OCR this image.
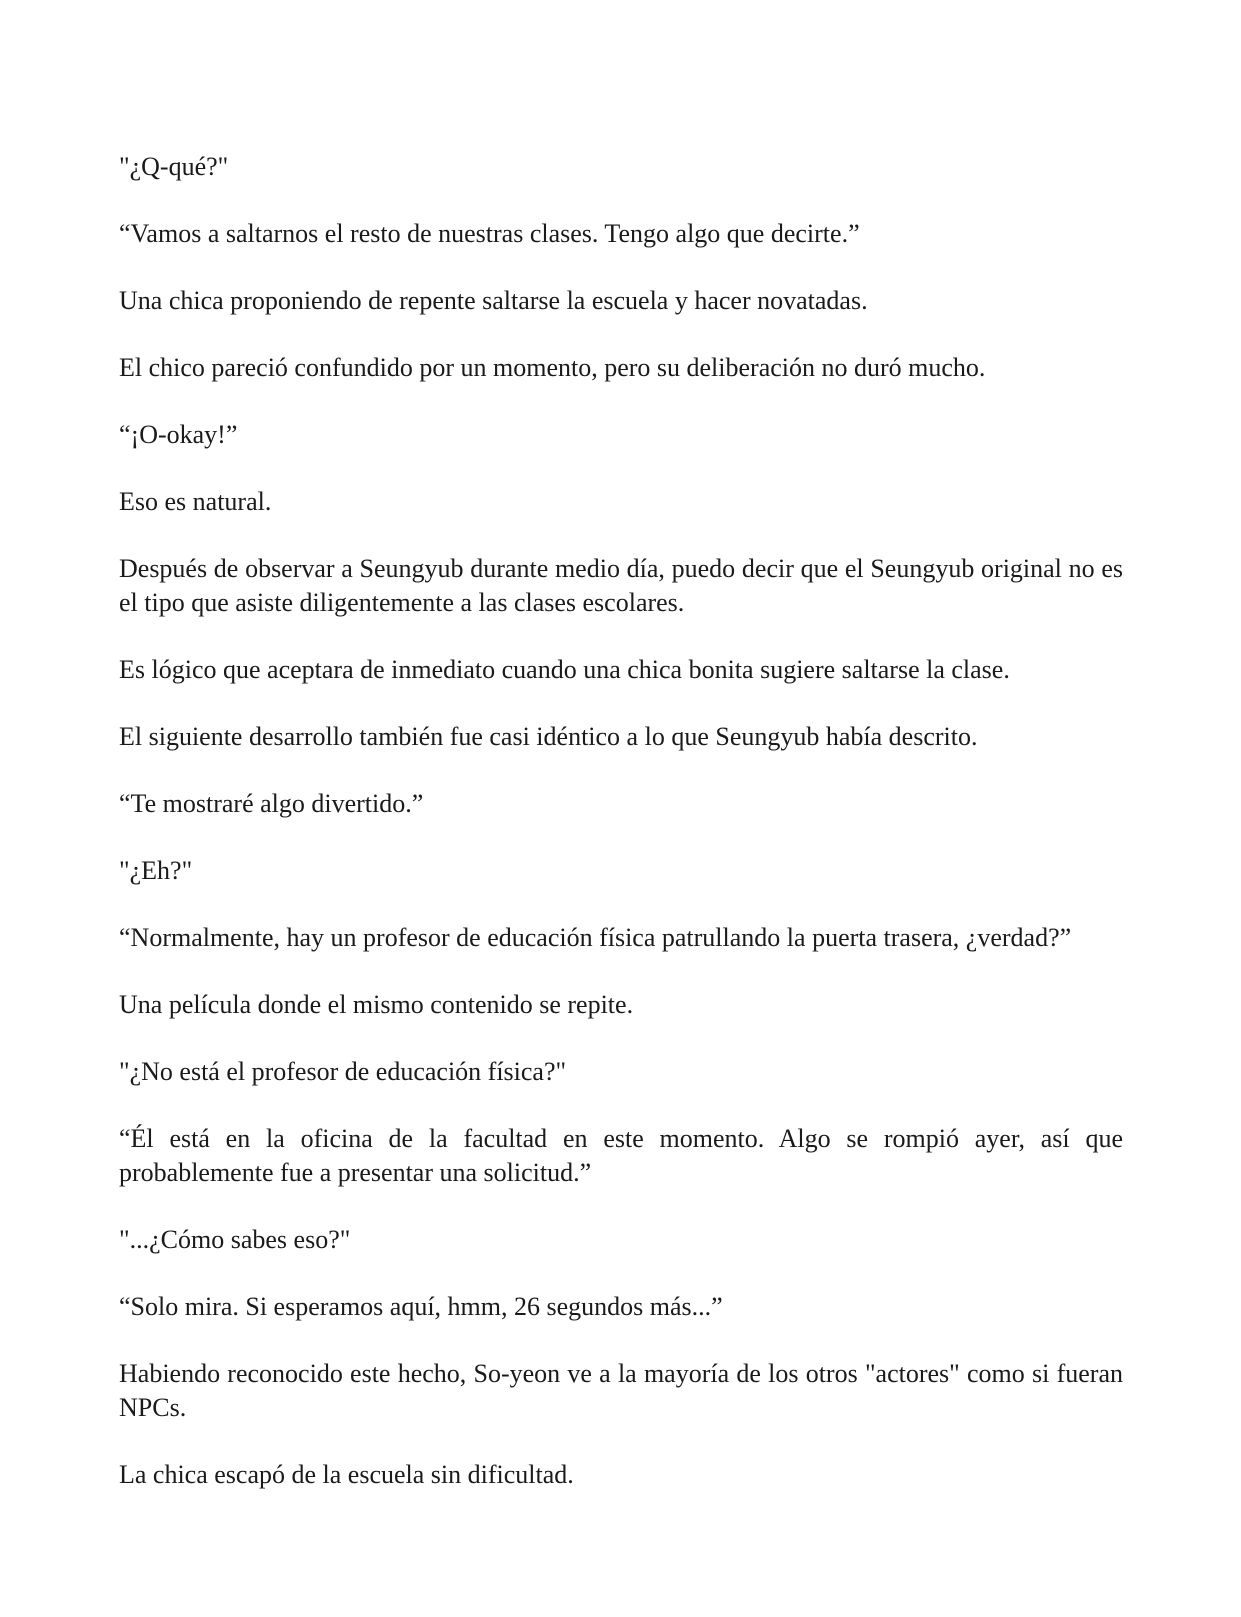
"¿Q-qué?"

“Vamos a saltarnos el resto de nuestras clases. Tengo algo que decirte.”

Una chica proponiendo de repente saltarse la escuela y hacer novatadas.

El chico pareció confundido por un momento, pero su deliberación no duró mucho.

“¡O-okay!”

Eso es natural.

Después de observar a Seungyub durante medio día, puedo decir que el Seungyub original no es el tipo que asiste diligentemente a las clases escolares.

Es lógico que aceptara de inmediato cuando una chica bonita sugiere saltarse la clase.

El siguiente desarrollo también fue casi idéntico a lo que Seungyub había descrito.

“Te mostraré algo divertido.”

"¿Eh?"

“Normalmente, hay un profesor de educación física patrullando la puerta trasera, ¿verdad?”

Una película donde el mismo contenido se repite.

"¿No está el profesor de educación física?"

“Él está en la oficina de la facultad en este momento. Algo se rompió ayer, así que probablemente fue a presentar una solicitud.”

"...¿Cómo sabes eso?"

“Solo mira. Si esperamos aquí, hmm, 26 segundos más...”

Habiendo reconocido este hecho, So-yeon ve a la mayoría de los otros "actores" como si fueran NPCs.

La chica escapó de la escuela sin dificultad.
